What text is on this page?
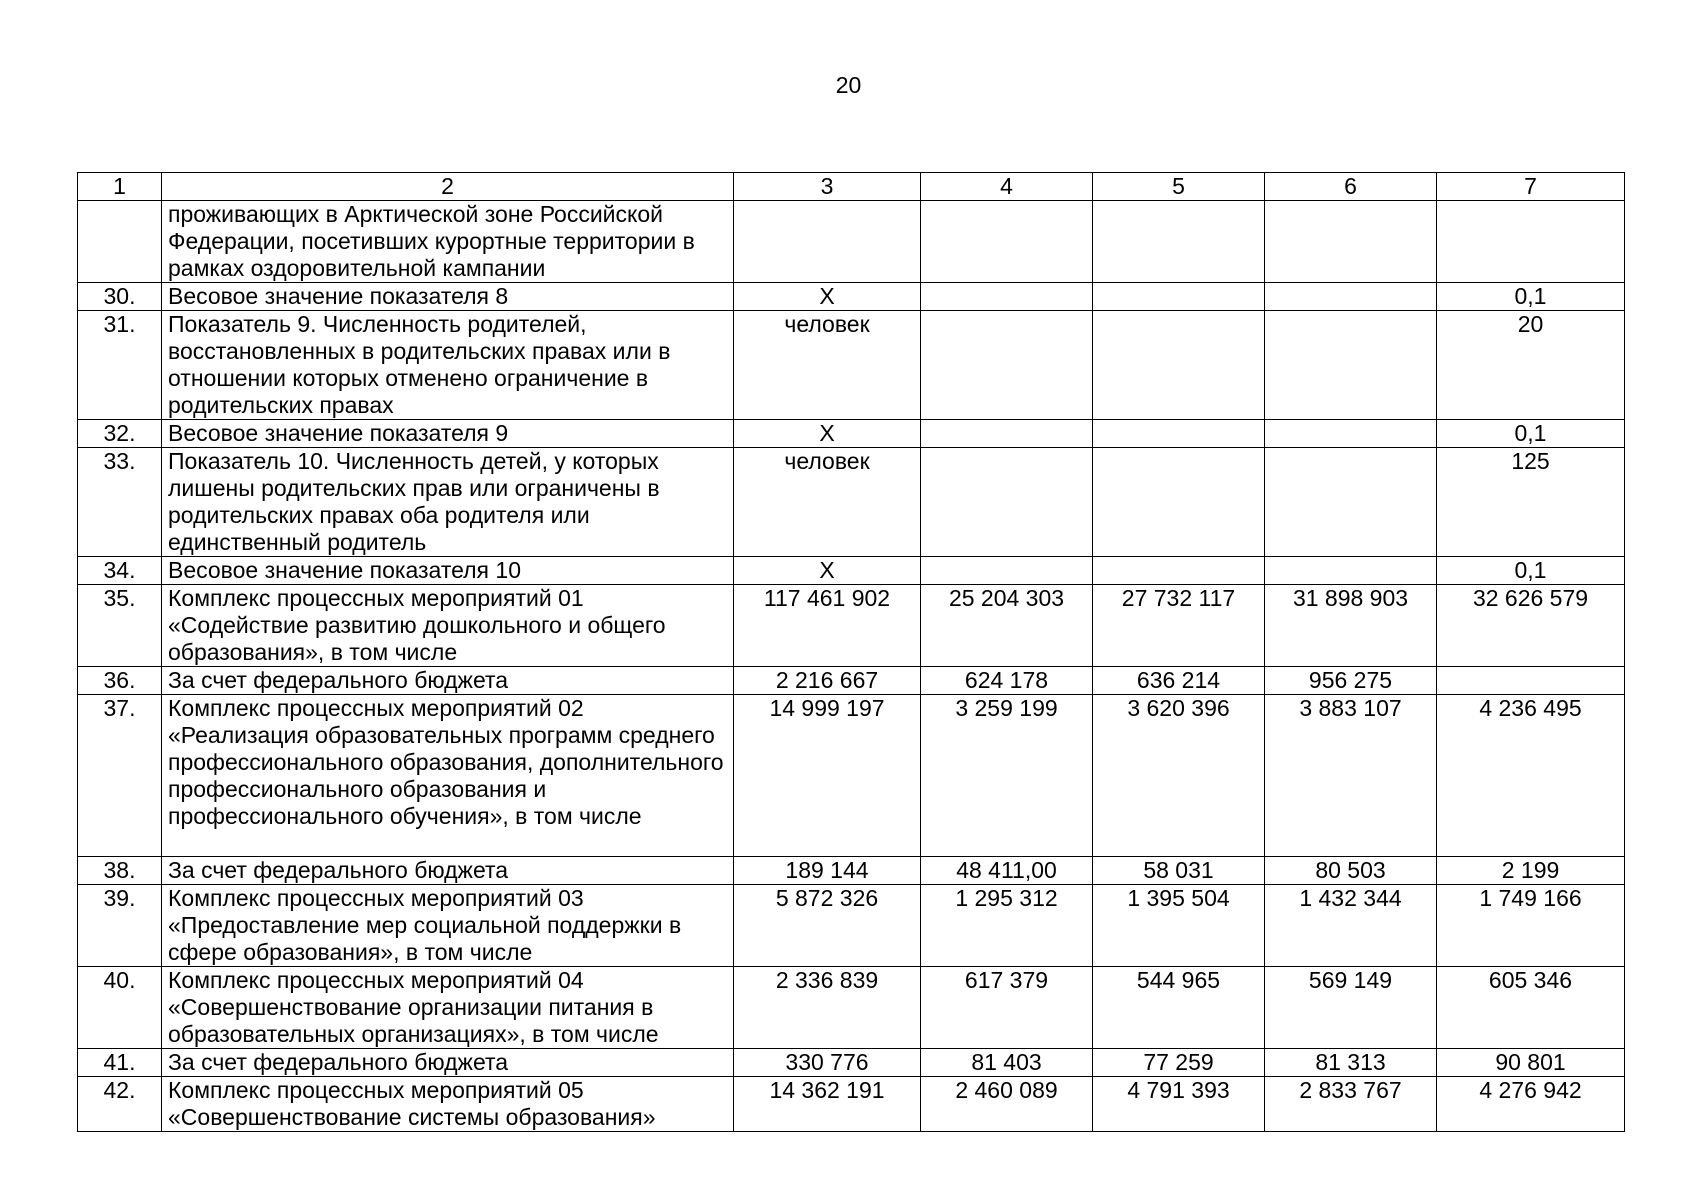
20
1	2	3	4	5	6	7
	проживающих в Арктической зоне Российской Федерации, посетивших курортные территории в рамках оздоровительной кампании					
30.	Весовое значение показателя 8	Х				0,1
31.	Показатель 9. Численность родителей, восстановленных в родительских правах или в отношении которых отменено ограничение в родительских правах	человек				20
32.	Весовое значение показателя 9	Х				0,1
33.	Показатель 10. Численность детей, у которых лишены родительских прав или ограничены в родительских правах оба родителя или единственный родитель	человек				125
34.	Весовое значение показателя 10	Х				0,1
35.	Комплекс процессных мероприятий 01 «Содействие развитию дошкольного и общего образования», в том числе	117 461 902	25 204 303	27 732 117	31 898 903	32 626 579
36.	За счет федерального бюджета	2 216 667	624 178	636 214	956 275	
37.	Комплекс процессных мероприятий 02 «Реализация образовательных программ среднего профессионального образования, дополнительного профессионального образования и профессионального обучения», в том числе	14 999 197	3 259 199	3 620 396	3 883 107	4 236 495
38.	За счет федерального бюджета	189 144	48 411,00	58 031	80 503	2 199
39.	Комплекс процессных мероприятий 03 «Предоставление мер социальной поддержки в сфере образования», в том числе	5 872 326	1 295 312	1 395 504	1 432 344	1 749 166
40.	Комплекс процессных мероприятий 04 «Совершенствование организации питания в образовательных организациях», в том числе	2 336 839	617 379	544 965	569 149	605 346
41.	За счет федерального бюджета	330 776	81 403	77 259	81 313	90 801
42.	Комплекс процессных мероприятий 05 «Совершенствование системы образования»	14 362 191	2 460 089	4 791 393	2 833 767	4 276 942
